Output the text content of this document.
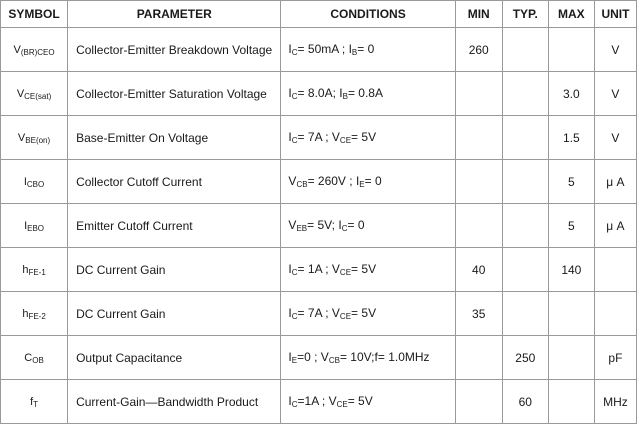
SYMBOL	PARAMETER	CONDITIONS	MIN	TYP.	MAX	UNIT
$V_{(BR)CEO}$	Collector-Emitter Breakdown Voltage	$I_C= 50mA$ ; $I_B= 0$	260			V
$V_{CE(sat)}$	Collector-Emitter Saturation Voltage	$I_C= 8.0A$; $I_B= 0.8A$			3.0	V
$V_{BE(on)}$	Base-Emitter On Voltage	$I_C= 7A$ ; $V_{CE}= 5V$			1.5	V
$I_{CBO}$	Collector Cutoff Current	$V_{CB}= 260V$ ; $I_E= 0$			5	μ A
$I_{EBO}$	Emitter Cutoff Current	$V_{EB}= 5V$; $I_C= 0$			5	μ A
$h_{FE-1}$	DC Current Gain	$I_C= 1A$ ; $V_{CE}= 5V$	40		140	
$h_{FE-2}$	DC Current Gain	$I_C= 7A$ ; $V_{CE}= 5V$	35			
$C_{OB}$	Output Capacitance	$I_E=0$ ; $V_{CB}=$ 10V;f= 1.0MHz		250		pF
$f_T$	Current-Gain—Bandwidth Product	$I_C=1A$ ; $V_{CE}= 5V$		60		MHz
